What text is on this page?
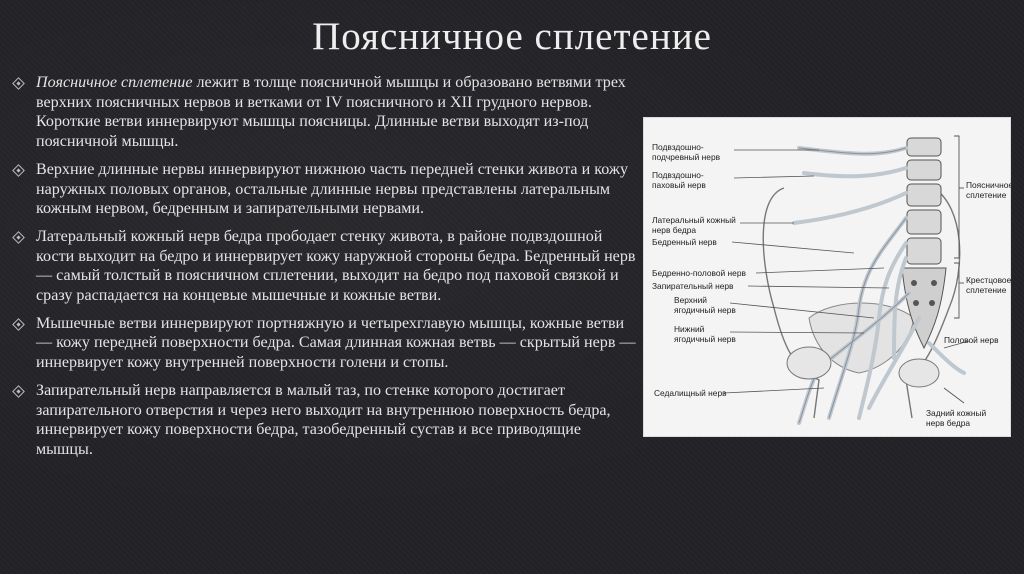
Поясничное сплетение
Поясничное сплетение лежит в толще поясничной мышцы и образовано ветвями трех верхних поясничных нервов и ветками от IV поясничного и XII грудного нервов. Короткие ветви иннервируют мышцы поясницы. Длинные ветви выходят из-под поясничной мышцы.
Верхние длинные нервы иннервируют нижнюю часть передней стенки живота и кожу наружных половых органов, остальные длинные нервы представлены латеральным кожным нервом, бедренным и запирательными нервами.
Латеральный кожный нерв бедра прободает стенку живота, в районе подвздошной кости выходит на бедро и иннервирует кожу наружной стороны бедра. Бедренный нерв — самый толстый в поясничном сплетении, выходит на бедро под паховой связкой и сразу распадается на концевые мышечные и кожные ветви.
Мышечные ветви иннервируют портняжную и четырехглавую мышцы, кожные ветви — кожу передней поверхности бедра. Самая длинная кожная ветвь — скрытый нерв — иннервирует кожу внутренней поверхности голени и стопы.
Запирательный нерв направляется в малый таз, по стенке которого достигает запирательного отверстия и через него выходит на внутреннюю поверхность бедра, иннервирует кожу поверхности бедра, тазобедренный сустав и все приводящие мышцы.
Подвздошно-
подчревный нерв
Подвздошно-
паховый нерв
Латеральный кожный
нерв бедра
Бедренный нерв
Бедренно-половой нерв
Запирательный нерв
Верхний
ягодичный нерв
Нижний
ягодичный нерв
Седалищный нерв
Поясничное
сплетение
Крестцовое
сплетение
Половой нерв
Задний кожный
нерв бедра
